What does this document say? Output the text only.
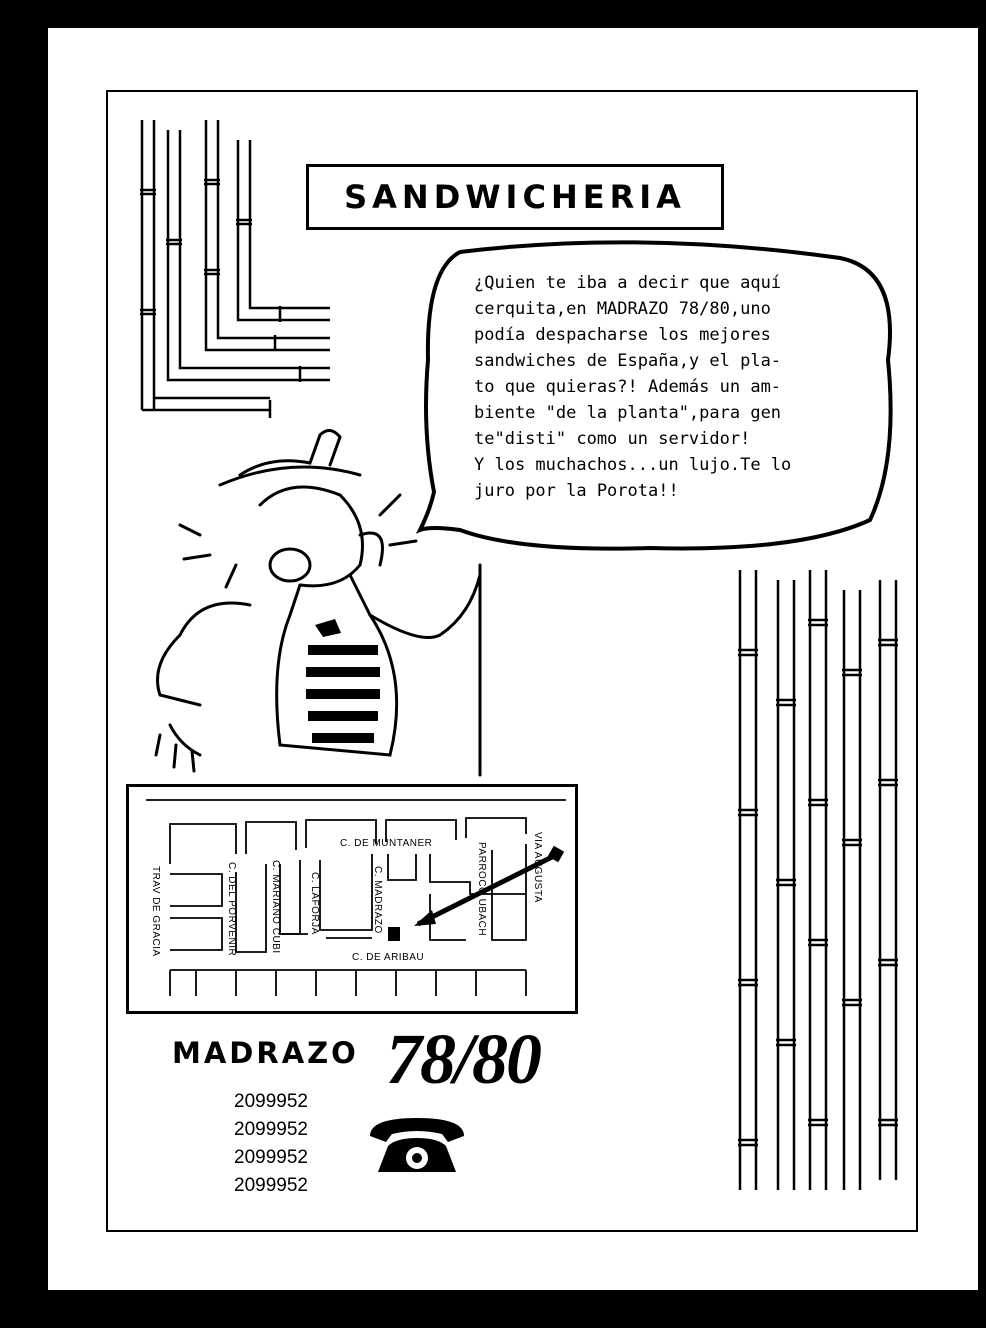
SANDWICHERIA
¿Quien te iba a decir que aquí
cerquita,en MADRAZO 78/80,uno
podía despacharse los mejores
sandwiches de España,y el pla-
to que quieras?! Además un am-
biente "de la planta",para gen
te"disti" como un servidor!
Y los muchachos...un lujo.Te lo
juro por la Porota!!
C. DE MUNTANER
C. DE ARIBAU
TRAV DE GRACIA	C. DEL PORVENIR	C. MARIANO CUBI	C. LAFORJA	C. MADRAZO	PARROCO UBACH	VIA AUGUSTA
MADRAZO 78/80
2099952
2099952
2099952
2099952
